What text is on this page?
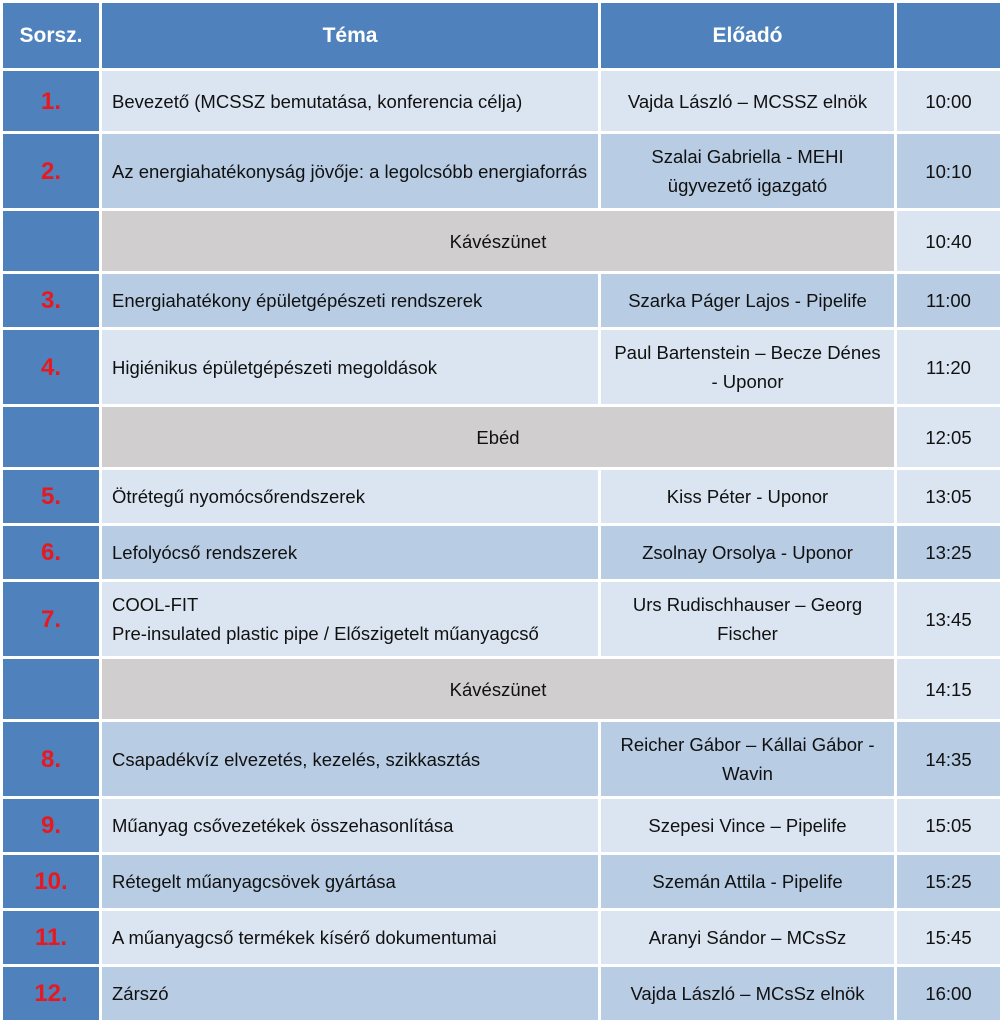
Sorsz.	Téma	Előadó	
1.	Bevezető (MCSSZ bemutatása, konferencia célja)	Vajda László – MCSSZ elnök	10:00
2.	Az energiahatékonyság jövője: a legolcsóbb energiaforrás	Szalai Gabriella - MEHI ügyvezető igazgató	10:10
	Kávészünet		10:40
3.	Energiahatékony épületgépészeti rendszerek	Szarka Páger Lajos - Pipelife	11:00
4.	Higiénikus épületgépészeti megoldások	Paul Bartenstein – Becze Dénes - Uponor	11:20
	Ebéd		12:05
5.	Ötrétegű nyomócsőrendszerek	Kiss Péter - Uponor	13:05
6.	Lefolyócső rendszerek	Zsolnay Orsolya - Uponor	13:25
7.	COOL-FIT
Pre-insulated plastic pipe / Előszigetelt műanyagcső	Urs Rudischhauser – Georg Fischer	13:45
	Kávészünet		14:15
8.	Csapadékvíz elvezetés, kezelés, szikkasztás	Reicher Gábor – Kállai Gábor - Wavin	14:35
9.	Műanyag csővezetékek összehasonlítása	Szepesi Vince – Pipelife	15:05
10.	Rétegelt műanyagcsövek gyártása	Szemán Attila - Pipelife	15:25
11.	A műanyagcső termékek kísérő dokumentumai	Aranyi Sándor – MCsSz	15:45
12.	Zárszó	Vajda László – MCsSz elnök	16:00
